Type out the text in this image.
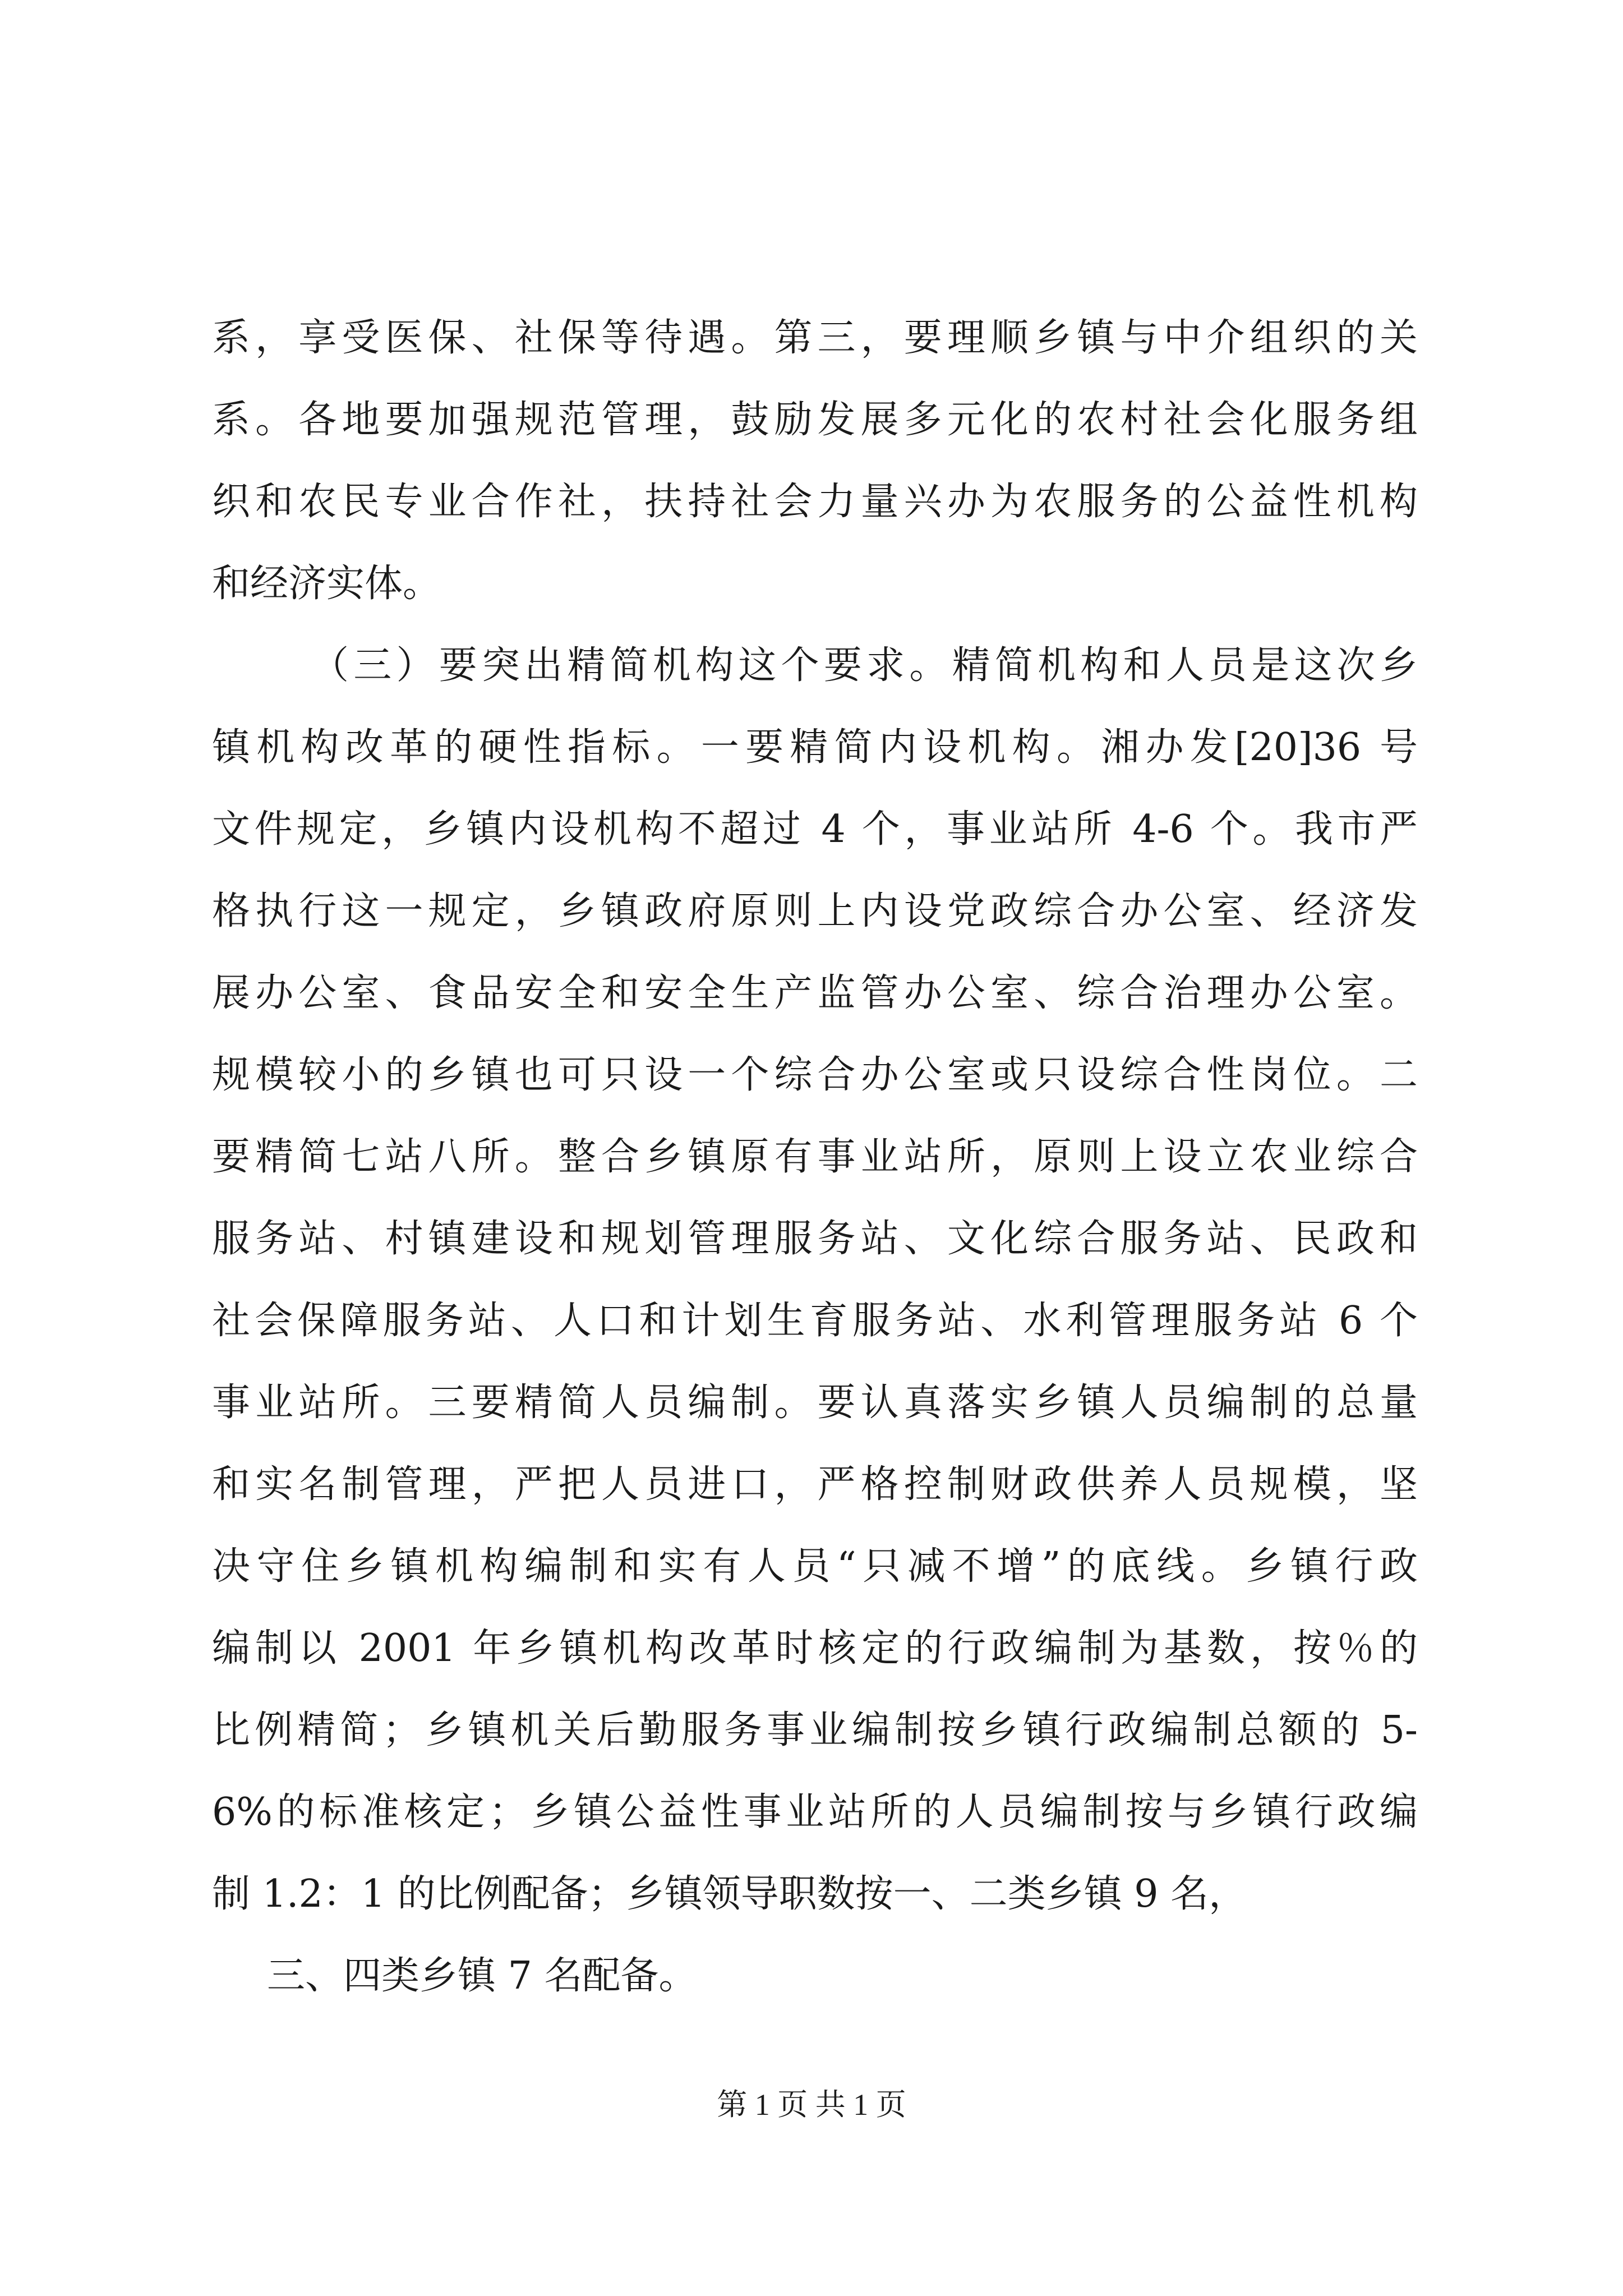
系，享受医保、社保等待遇。第三，要理顺乡镇与中介组织的关
系。各地要加强规范管理，鼓励发展多元化的农村社会化服务组
织和农民专业合作社，扶持社会力量兴办为农服务的公益性机构
和经济实体。
（三）要突出精简机构这个要求。精简机构和人员是这次乡
镇机构改革的硬性指标。一要精简内设机构。湘办发[20]36 号
文件规定，乡镇内设机构不超过 4 个，事业站所 4-6 个。我市严
格执行这一规定，乡镇政府原则上内设党政综合办公室、经济发
展办公室、食品安全和安全生产监管办公室、综合治理办公室。
规模较小的乡镇也可只设一个综合办公室或只设综合性岗位。二
要精简七站八所。整合乡镇原有事业站所，原则上设立农业综合
服务站、村镇建设和规划管理服务站、文化综合服务站、民政和
社会保障服务站、人口和计划生育服务站、水利管理服务站 6 个
事业站所。三要精简人员编制。要认真落实乡镇人员编制的总量
和实名制管理，严把人员进口，严格控制财政供养人员规模，坚
决守住乡镇机构编制和实有人员“只减不增”的底线。乡镇行政
编制以 2001 年乡镇机构改革时核定的行政编制为基数，按％的
比例精简；乡镇机关后勤服务事业编制按乡镇行政编制总额的 5-
6%的标准核定；乡镇公益性事业站所的人员编制按与乡镇行政编
制 1.2：1 的比例配备；乡镇领导职数按一、二类乡镇 9 名，
三、四类乡镇 7 名配备。
第 1 页 共 1 页
